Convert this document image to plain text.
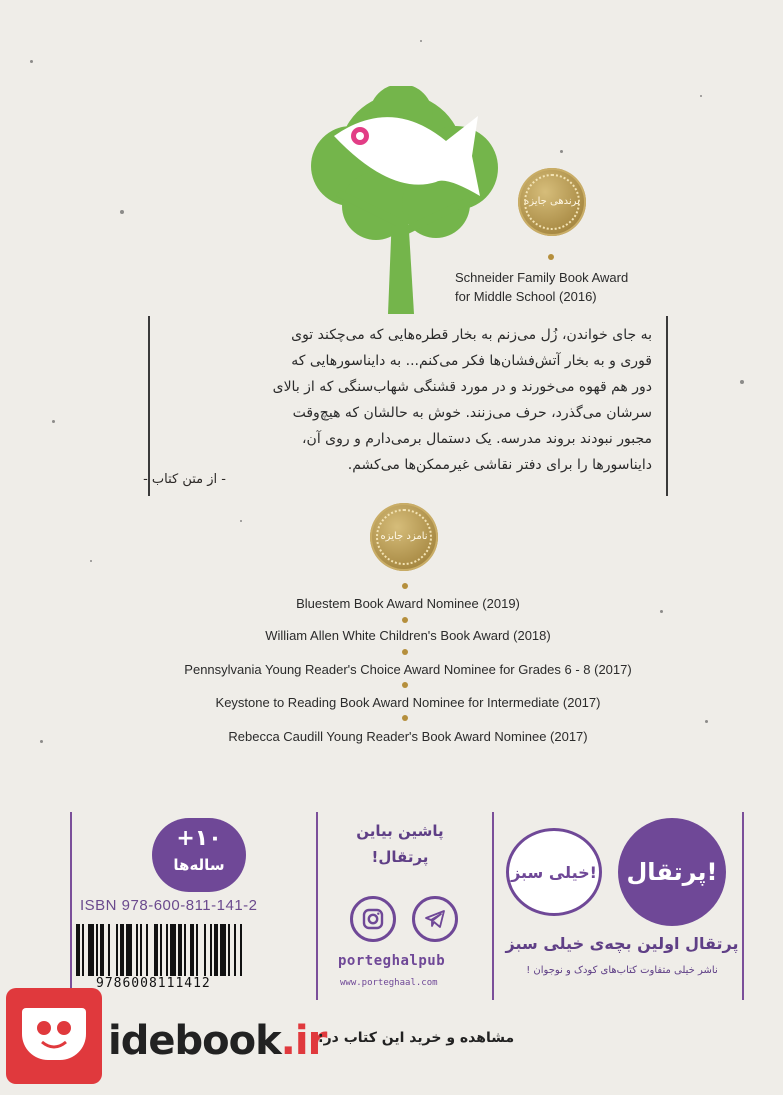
برندهی جایزه
Schneider Family Book Award
for Middle School (2016)

به جای خواندن، زُل می‌زنم به بخار قطره‌هایی که می‌چکند توی
قوری و به بخار آتش‌فشان‌ها فکر می‌کنم... به دایناسورهایی که
دور هم قهوه می‌خورند و در مورد قشنگی شهاب‌سنگی که از بالای
سرشان می‌گذرد، حرف می‌زنند. خوش به حالشان که هیچ‌وقت
مجبور نبودند بروند مدرسه. یک دستمال برمی‌دارم و روی آن،
دایناسورها را برای دفتر نقاشی غیرممکن‌ها می‌کشم.

- از متن کتاب -
نامزد جایزه
Bluestem Book Award Nominee (2019)
William Allen White Children's Book Award (2018)
Pennsylvania Young Reader's Choice Award Nominee for Grades 6 - 8 (2017)
Keystone to Reading Book Award Nominee for Intermediate (2017)
Rebecca Caudill Young Reader's Book Award Nominee (2017)
+۱۰
ساله‌ها
ISBN 978-600-811-141-2
9786008111412
پاشین بیاین
پرتقال!
porteghalpub
www.porteghaal.com
پرتقال!
خیلی سبز!
پرتقال اولین بچه‌ی خیلی سبز
ناشر خیلی متفاوت کتاب‌های کودک و نوجوان !
idebook.ir
مشاهده و خرید این کتاب در:
